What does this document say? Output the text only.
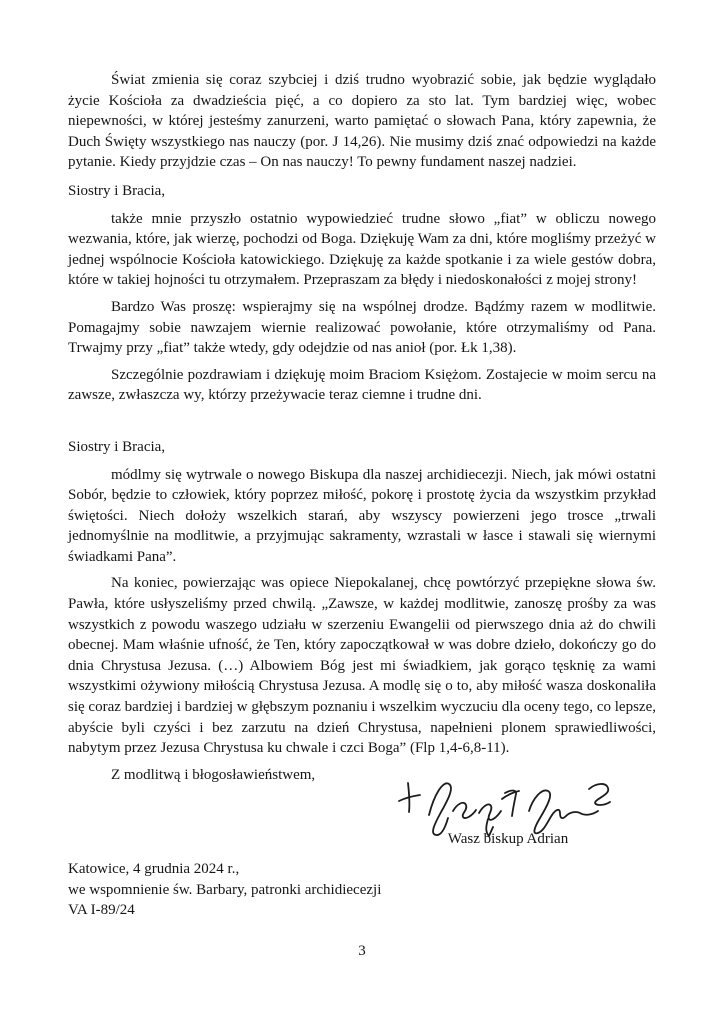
Świat zmienia się coraz szybciej i dziś trudno wyobrazić sobie, jak będzie wyglądało życie Kościoła za dwadzieścia pięć, a co dopiero za sto lat. Tym bardziej więc, wobec niepewności, w której jesteśmy zanurzeni, warto pamiętać o słowach Pana, który zapewnia, że Duch Święty wszystkiego nas nauczy (por. J 14,26). Nie musimy dziś znać odpowiedzi na każde pytanie. Kiedy przyjdzie czas – On nas nauczy! To pewny fundament naszej nadziei.

Siostry i Bracia,

także mnie przyszło ostatnio wypowiedzieć trudne słowo „fiat” w obliczu nowego wezwania, które, jak wierzę, pochodzi od Boga. Dziękuję Wam za dni, które mogliśmy przeżyć w jednej wspólnocie Kościoła katowickiego. Dziękuję za każde spotkanie i za wiele gestów dobra, które w takiej hojności tu otrzymałem. Przepraszam za błędy i niedoskonałości z mojej strony!

Bardzo Was proszę: wspierajmy się na wspólnej drodze. Bądźmy razem w modlitwie. Pomagajmy sobie nawzajem wiernie realizować powołanie, które otrzymaliśmy od Pana. Trwajmy przy „fiat” także wtedy, gdy odejdzie od nas anioł (por. Łk 1,38).

Szczególnie pozdrawiam i dziękuję moim Braciom Księżom. Zostajecie w moim sercu na zawsze, zwłaszcza wy, którzy przeżywacie teraz ciemne i trudne dni.

Siostry i Bracia,

módlmy się wytrwale o nowego Biskupa dla naszej archidiecezji. Niech, jak mówi ostatni Sobór, będzie to człowiek, który poprzez miłość, pokorę i prostotę życia da wszystkim przykład świętości. Niech dołoży wszelkich starań, aby wszyscy powierzeni jego trosce „trwali jednomyślnie na modlitwie, a przyjmując sakramenty, wzrastali w łasce i stawali się wiernymi świadkami Pana”.

Na koniec, powierzając was opiece Niepokalanej, chcę powtórzyć przepiękne słowa św. Pawła, które usłyszeliśmy przed chwilą. „Zawsze, w każdej modlitwie, zanoszę prośby za was wszystkich z powodu waszego udziału w szerzeniu Ewangelii od pierwszego dnia aż do chwili obecnej. Mam właśnie ufność, że Ten, który zapoczątkował w was dobre dzieło, dokończy go do dnia Chrystusa Jezusa. (…) Albowiem Bóg jest mi świadkiem, jak gorąco tęsknię za wami wszystkimi ożywiony miłością Chrystusa Jezusa. A modlę się o to, aby miłość wasza doskonaliła się coraz bardziej i bardziej w głębszym poznaniu i wszelkim wyczuciu dla oceny tego, co lepsze, abyście byli czyści i bez zarzutu na dzień Chrystusa, napełnieni plonem sprawiedliwości, nabytym przez Jezusa Chrystusa ku chwale i czci Boga” (Flp 1,4-6,8-11).

Z modlitwą i błogosławieństwem,

Wasz biskup Adrian
Katowice, 4 grudnia 2024 r.,
we wspomnienie św. Barbary, patronki archidiecezji
VA I-89/24
3
